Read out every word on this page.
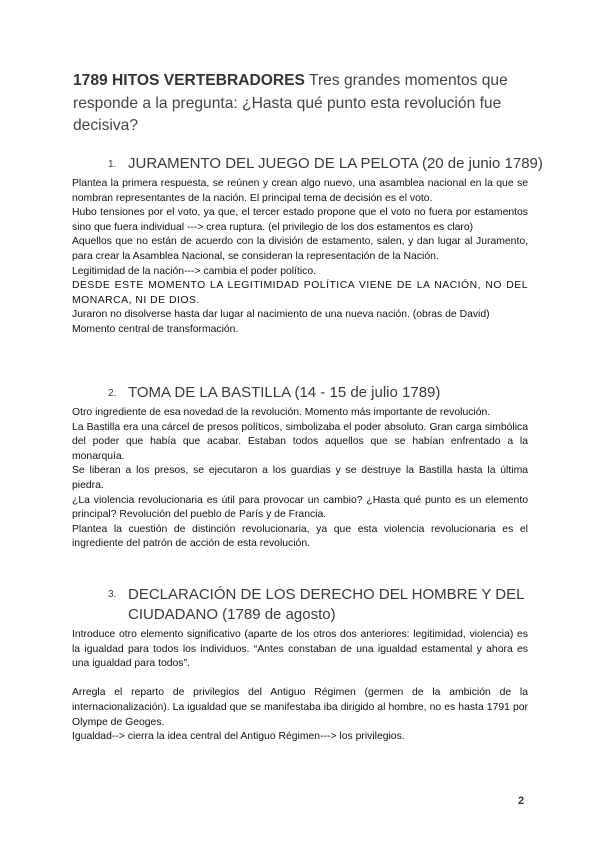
1789 HITOS VERTEBRADORES Tres grandes momentos que responde a la pregunta: ¿Hasta qué punto esta revolución fue decisiva?
1. JURAMENTO DEL JUEGO DE LA PELOTA (20 de junio 1789)

Plantea la primera respuesta, se reúnen y crean algo nuevo, una asamblea nacional en la que se nombran representantes de la nación. El principal tema de decisión es el voto.

Hubo tensiones por el voto, ya que, el tercer estado propone que el voto no fuera por estamentos sino que fuera individual ---> crea ruptura. (el privilegio de los dos estamentos es claro)

Aquellos que no están de acuerdo con la división de estamento, salen, y dan lugar al Juramento, para crear la Asamblea Nacional, se consideran la representación de la Nación.

Legitimidad de la nación---> cambia el poder político.

DESDE ESTE MOMENTO LA LEGITIMIDAD POLÍTICA VIENE DE LA NACIÓN, NO DEL MONARCA, NI DE DIOS.

Juraron no disolverse hasta dar lugar al nacimiento de una nueva nación. (obras de David)

Momento central de transformación.

2. TOMA DE LA BASTILLA (14 - 15 de julio 1789)

Otro ingrediente de esa novedad de la revolución. Momento más importante de revolución.

La Bastilla era una cárcel de presos políticos, simbolizaba el poder absoluto. Gran carga simbólica del poder que había que acabar. Estaban todos aquellos que se habían enfrentado a la monarquía.

Se liberan a los presos, se ejecutaron a los guardias y se destruye la Bastilla hasta la última piedra.

¿La violencia revolucionaria es útil para provocar un cambio? ¿Hasta qué punto es un elemento principal? Revolución del pueblo de París y de Francia.

Plantea la cuestión de distinción revolucionaria, ya que esta violencia revolucionaria es el ingrediente del patrón de acción de esta revolución.

3. DECLARACIÓN DE LOS DERECHO DEL HOMBRE Y DEL CIUDADANO (1789 de agosto)

Introduce otro elemento significativo (aparte de los otros dos anteriores: legitimidad, violencia) es la igualdad para todos los individuos. “Antes constaban de una igualdad estamental y ahora es una igualdad para todos”.

Arregla el reparto de privilegios del Antiguo Régimen (germen de la ambición de la internacionalización). La igualdad que se manifestaba iba dirigido al hombre, no es hasta 1791 por Olympe de Geoges.

Igualdad--> cierra la idea central del Antiguo Régimen---> los privilegios.

2
